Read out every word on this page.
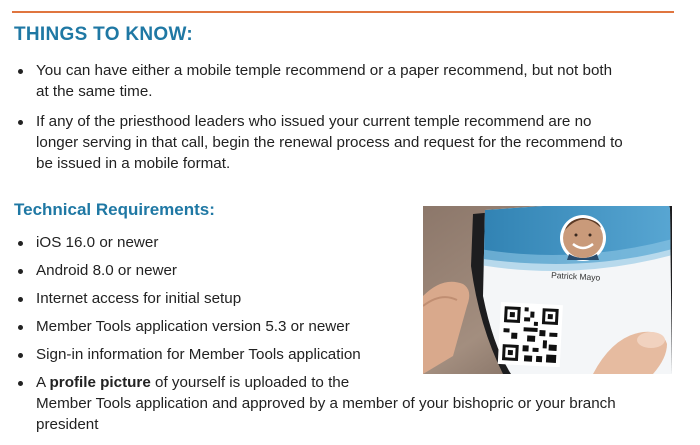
THINGS TO KNOW:
You can have either a mobile temple recommend or a paper recommend, but not both
at the same time.
If any of the priesthood leaders who issued your current temple recommend are no
longer serving in that call, begin the renewal process and request for the recommend to
be issued in a mobile format.
Technical Requirements:
iOS 16.0 or newer
Android 8.0 or newer
Internet access for initial setup
Member Tools application version 5.3 or newer
Sign-in information for Member Tools application
A profile picture of yourself is uploaded to the
Member Tools application and approved by a member of your bishopric or your branch
president
Patrick Mayo
